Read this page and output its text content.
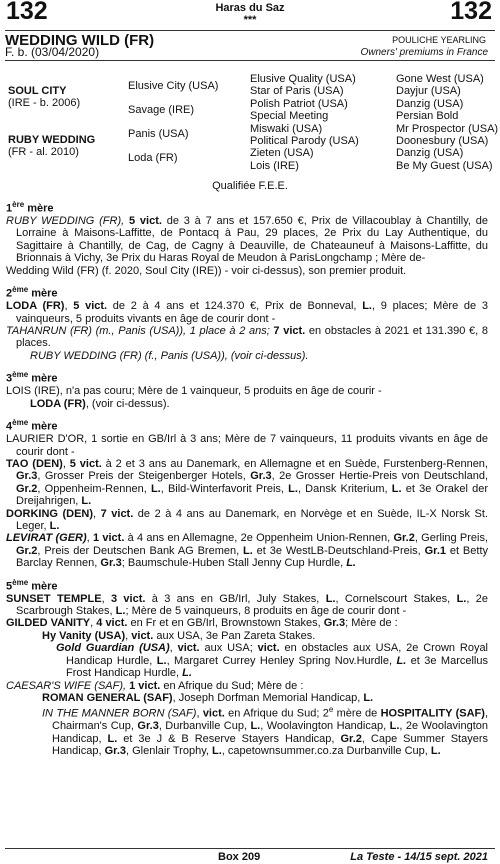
132	132
Haras du Saz
***
WEDDING WILD (FR)
F. b. (03/04/2020)
POULICHE YEARLING
Owners' premiums in France
SOUL CITY
(IRE - b. 2006)
RUBY WEDDING
(FR - al. 2010)
Elusive City (USA)
Savage (IRE)
Panis (USA)
Loda (FR)
Elusive Quality (USA)
Star of Paris (USA)
Polish Patriot (USA)
Special Meeting
Miswaki (USA)
Political Parody (USA)
Zieten (USA)
Lois (IRE)
Gone West (USA)
Dayjur (USA)
Danzig (USA)
Persian Bold
Mr Prospector (USA)
Doonesbury (USA)
Danzig (USA)
Be My Guest (USA)
Qualifiée F.E.E.
1ère mère

RUBY WEDDING (FR), 5 vict. de 3 à 7 ans et 157.650 €, Prix de Villacoublay à Chantilly, de Lorraine à Maisons-Laffitte, de Pontacq à Pau, 29 places, 2e Prix du Lay Authentique, du Sagittaire à Chantilly, de Cag, de Cagny à Deauville, de Chateauneuf à Maisons-Laffitte, du Brionnais à Vichy, 3e Prix du Haras Royal de Meudon à ParisLongchamp ; Mère de-

Wedding Wild (FR) (f. 2020, Soul City (IRE)) - voir ci-dessus), son premier produit.

2ème mère

LODA (FR), 5 vict. de 2 à 4 ans et 124.370 €, Prix de Bonneval, L., 9 places; Mère de 3 vainqueurs, 5 produits vivants en âge de courir dont -

TAHANRUN (FR) (m., Panis (USA)), 1 place à 2 ans; 7 vict. en obstacles à 2021 et 131.390 €, 8 places.

RUBY WEDDING (FR) (f., Panis (USA)), (voir ci-dessus).

3ème mère

LOIS (IRE), n'a pas couru; Mère de 1 vainqueur, 5 produits en âge de courir -

LODA (FR), (voir ci-dessus).

4ème mère

LAURIER D'OR, 1 sortie en GB/Irl à 3 ans; Mère de 7 vainqueurs, 11 produits vivants en âge de courir dont -

TAO (DEN), 5 vict. à 2 et 3 ans au Danemark, en Allemagne et en Suède, Furstenberg-Rennen, Gr.3, Grosser Preis der Steigenberger Hotels, Gr.3, 2e Grosser Hertie-Preis von Deutschland, Gr.2, Oppenheim-Rennen, L., Bild-Winterfavorit Preis, L., Dansk Kriterium, L. et 3e Orakel der Dreijahrigen, L.

DORKING (DEN), 7 vict. de 2 à 4 ans au Danemark, en Norvège et en Suède, IL-X Norsk St. Leger, L.

LEVIRAT (GER), 1 vict. à 4 ans en Allemagne, 2e Oppenheim Union-Rennen, Gr.2, Gerling Preis, Gr.2, Preis der Deutschen Bank AG Bremen, L. et 3e WestLB-Deutschland-Preis, Gr.1 et Betty Barclay Rennen, Gr.3; Baumschule-Huben Stall Jenny Cup Hurdle, L.

5ème mère

SUNSET TEMPLE, 3 vict. à 3 ans en GB/Irl, July Stakes, L., Cornelscourt Stakes, L., 2e Scarbrough Stakes, L.; Mère de 5 vainqueurs, 8 produits en âge de courir dont -

GILDED VANITY, 4 vict. en Fr et en GB/Irl, Brownstown Stakes, Gr.3; Mère de :

Hy Vanity (USA), vict. aux USA, 3e Pan Zareta Stakes.

Gold Guardian (USA), vict. aux USA; vict. en obstacles aux USA, 2e Crown Royal Handicap Hurdle, L., Margaret Currey Henley Spring Nov.Hurdle, L. et 3e Marcellus Frost Handicap Hurdle, L.

CAESAR'S WIFE (SAF), 1 vict. en Afrique du Sud; Mère de :

ROMAN GENERAL (SAF), Joseph Dorfman Memorial Handicap, L.

IN THE MANNER BORN (SAF), vict. en Afrique du Sud; 2e mère de HOSPITALITY (SAF), Chairman's Cup, Gr.3, Durbanville Cup, L., Woolavington Handicap, L., 2e Woolavington Handicap, L. et 3e J & B Reserve Stayers Handicap, Gr.2, Cape Summer Stayers Handicap, Gr.3, Glenlair Trophy, L., capetownsummer.co.za Durbanville Cup, L.

Box 209	La Teste - 14/15 sept. 2021
